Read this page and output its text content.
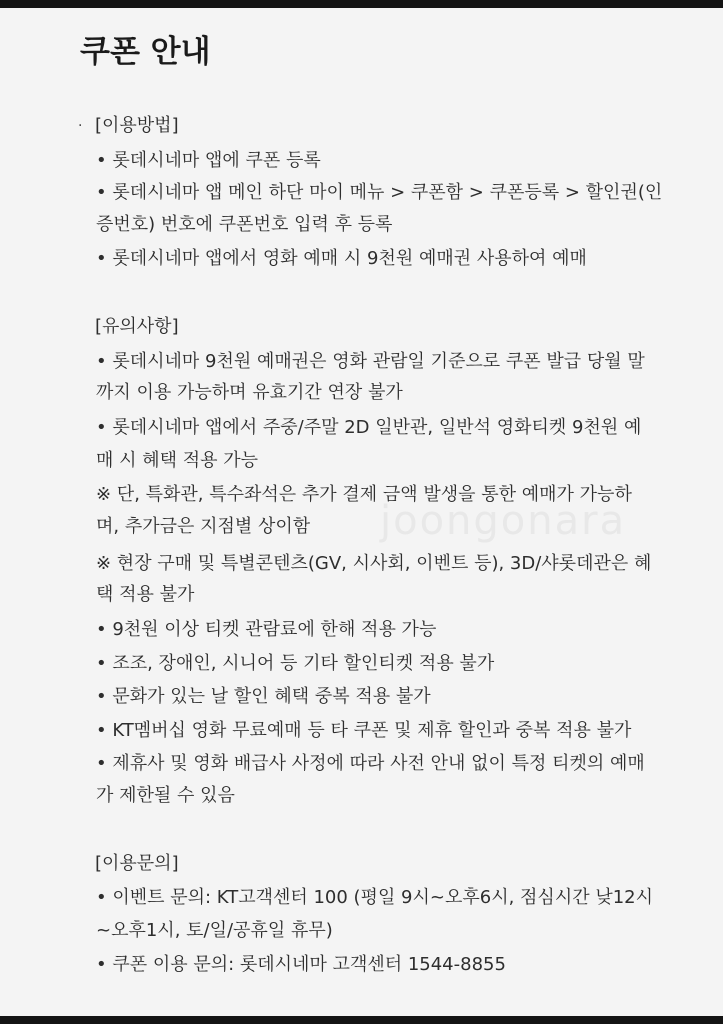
joongonara
쿠폰 안내
· [이용방법]

• 롯데시네마 앱에 쿠폰 등록

• 롯데시네마 앱 메인 하단 마이 메뉴 > 쿠폰함 > 쿠폰등록 > 할인권(인

증번호) 번호에 쿠폰번호 입력 후 등록

• 롯데시네마 앱에서 영화 예매 시 9천원 예매권 사용하여 예매

[유의사항]

• 롯데시네마 9천원 예매권은 영화 관람일 기준으로 쿠폰 발급 당월 말

까지 이용 가능하며 유효기간 연장 불가

• 롯데시네마 앱에서 주중/주말 2D 일반관, 일반석 영화티켓 9천원 예

매 시 혜택 적용 가능

※ 단, 특화관, 특수좌석은 추가 결제 금액 발생을 통한 예매가 가능하

며, 추가금은 지점별 상이함

※ 현장 구매 및 특별콘텐츠(GV, 시사회, 이벤트 등), 3D/샤롯데관은 혜

택 적용 불가

• 9천원 이상 티켓 관람료에 한해 적용 가능

• 조조, 장애인, 시니어 등 기타 할인티켓 적용 불가

• 문화가 있는 날 할인 혜택 중복 적용 불가

• KT멤버십 영화 무료예매 등 타 쿠폰 및 제휴 할인과 중복 적용 불가

• 제휴사 및 영화 배급사 사정에 따라 사전 안내 없이 특정 티켓의 예매

가 제한될 수 있음

[이용문의]

• 이벤트 문의: KT고객센터 100 (평일 9시~오후6시, 점심시간 낮12시

~오후1시, 토/일/공휴일 휴무)

• 쿠폰 이용 문의: 롯데시네마 고객센터 1544-8855
